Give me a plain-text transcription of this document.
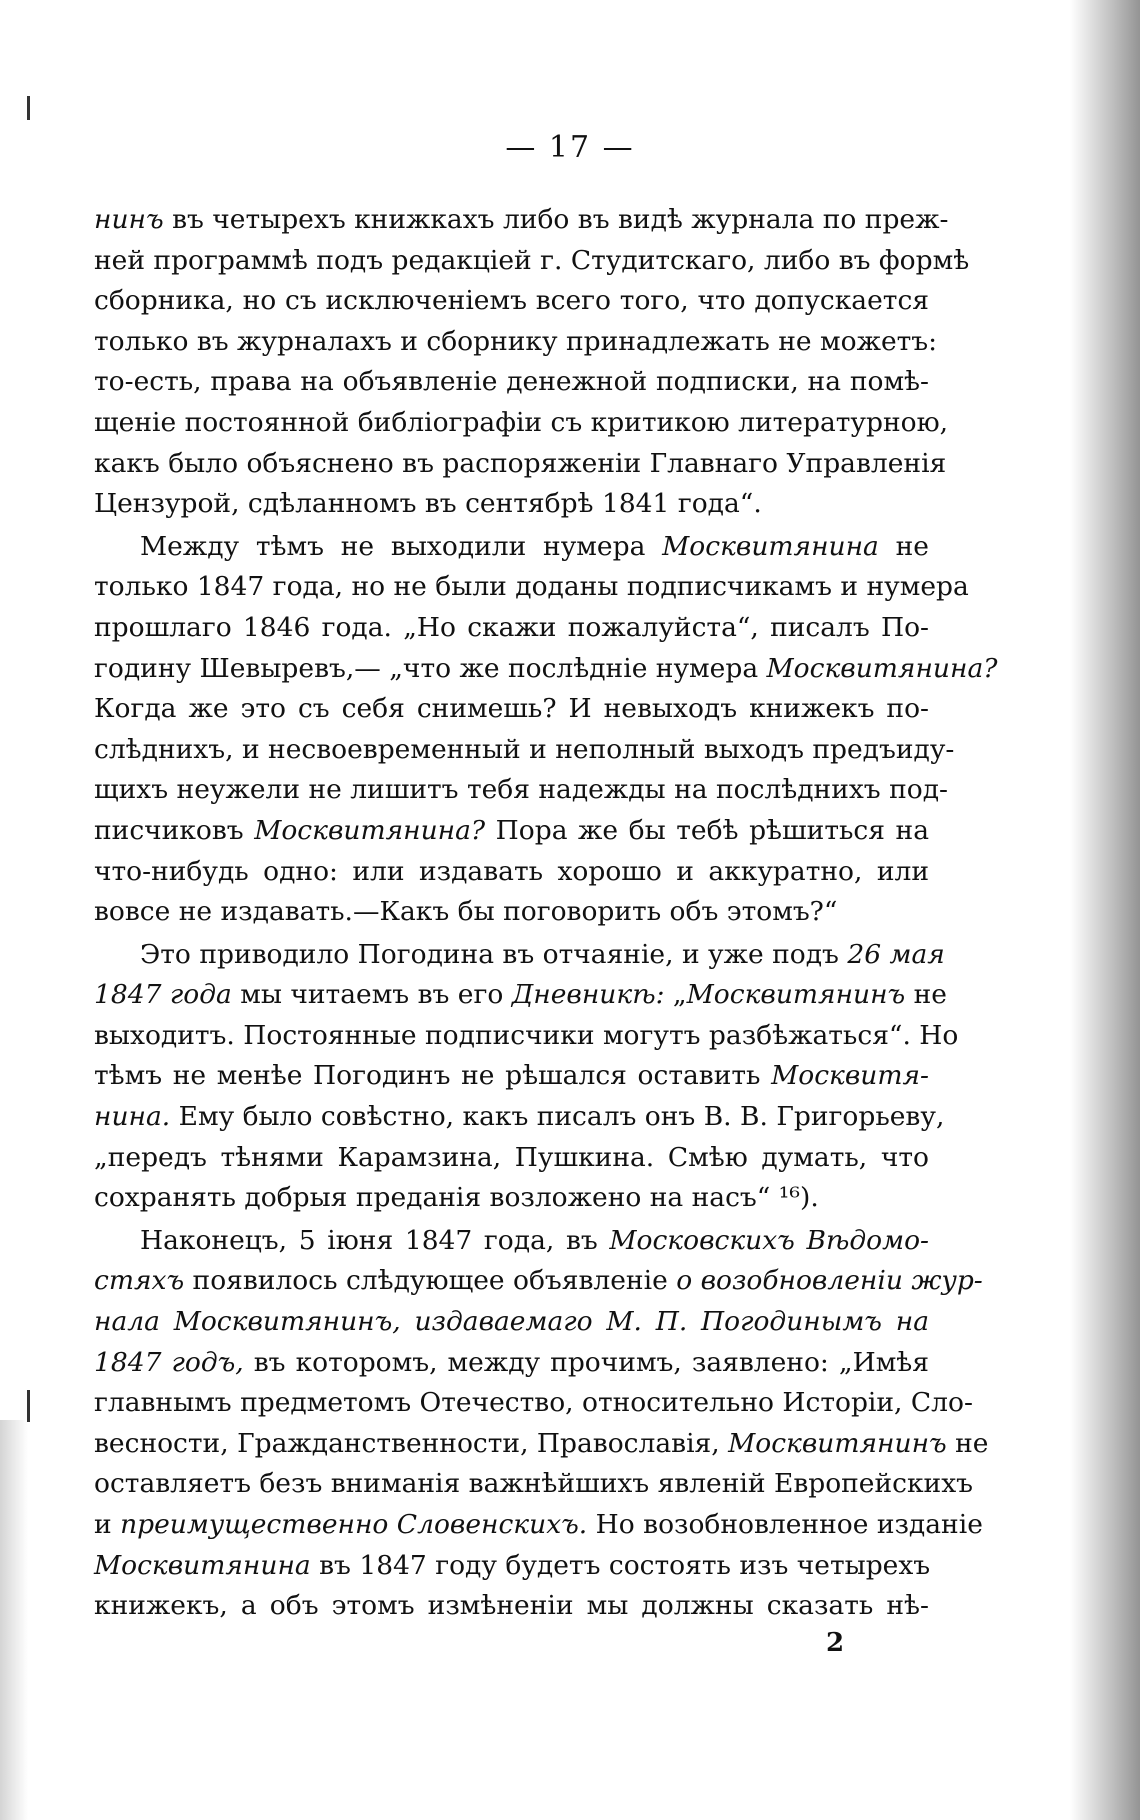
— 17 —
нинъ въ четырехъ книжкахъ либо въ видѣ журнала по преж-
ней программѣ подъ редакціей г. Студитскаго, либо въ формѣ
сборника, но съ исключеніемъ всего того, что допускается
только въ журналахъ и сборнику принадлежать не можетъ:
то-есть, права на объявленіе денежной подписки, на помѣ-
щеніе постоянной библіографіи съ критикою литературною,
какъ было объяснено въ распоряженіи Главнаго Управленія
Цензурой, сдѣланномъ въ сентябрѣ 1841 года“.
Между тѣмъ не выходили нумера Москвитянина не
только 1847 года, но не были доданы подписчикамъ и нумера
прошлаго 1846 года. „Но скажи пожалуйста“, писалъ По-
годину Шевыревъ,— „что же послѣдніе нумера Москвитянина?
Когда же это съ себя снимешь? И невыходъ книжекъ по-
слѣднихъ, и несвоевременный и неполный выходъ предъиду-
щихъ неужели не лишитъ тебя надежды на послѣднихъ под-
писчиковъ Москвитянина? Пора же бы тебѣ рѣшиться на
что-нибудь одно: или издавать хорошо и аккуратно, или
вовсе не издавать.—Какъ бы поговорить объ этомъ?“
Это приводило Погодина въ отчаяніе, и уже подъ 26 мая
1847 года мы читаемъ въ его Дневникѣ: „Москвитянинъ не
выходитъ. Постоянные подписчики могутъ разбѣжаться“. Но
тѣмъ не менѣе Погодинъ не рѣшался оставить Москвитя-
нина. Ему было совѣстно, какъ писалъ онъ В. В. Григорьеву,
„передъ тѣнями Карамзина, Пушкина. Смѣю думать, что
сохранять добрыя преданія возложено на насъ“ ¹⁶).
Наконецъ, 5 іюня 1847 года, въ Московскихъ Вѣдомо-
стяхъ появилось слѣдующее объявленіе о возобновленіи жур-
нала Москвитянинъ, издаваемаго М. П. Погодинымъ на
1847 годъ, въ которомъ, между прочимъ, заявлено: „Имѣя
главнымъ предметомъ Отечество, относительно Исторіи, Сло-
весности, Гражданственности, Православія, Москвитянинъ не
оставляетъ безъ вниманія важнѣйшихъ явленій Европейскихъ
и преимущественно Словенскихъ. Но возобновленное изданіе
Москвитянина въ 1847 году будетъ состоять изъ четырехъ
книжекъ, а объ этомъ измѣненіи мы должны сказать нѣ-
2
